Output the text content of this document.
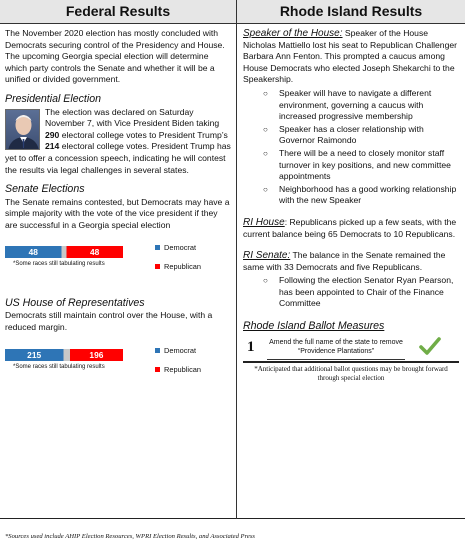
Federal Results	Rhode Island Results

The November 2020 election has mostly concluded with Democrats securing control of the Presidency and House. The upcoming Georgia special election will determine which party controls the Senate and whether it will be a unified or divided government.

Presidential Election

The election was declared on Saturday November 7, with Vice President Biden taking 290 electoral college votes to President Trump’s 214 electoral college votes. President Trump has yet to offer a concession speech, indicating he will contest the results via legal challenges in several states.

Senate Elections

The Senate remains contested, but Democrats may have a simple majority with the vote of the vice president if they are successful in a Georgia special election

48	48
*Some races still tabulating results
Democrat
Republican
US House of Representatives

Democrats still maintain control over the House, with a reduced margin.

215	196
*Some races still tabulating results
Democrat
Republican

Speaker of the House: Speaker of the House Nicholas Mattiello lost his seat to Republican Challenger Barbara Ann Fenton. This prompted a caucus among House Democrats who elected Joseph Shekarchi to the Speakership.

○ Speaker will have to navigate a different environment, governing a caucus with increased progressive membership
○ Speaker has a closer relationship with Governor Raimondo
○ There will be a need to closely monitor staff turnover in key positions, and new committee appointments
○ Neighborhood has a good working relationship with the new Speaker

RI House: Republicans picked up a few seats, with the current balance being 65 Democrats to 10 Republicans.

RI Senate: The balance in the Senate remained the same with 33 Democrats and five Republicans.

○ Following the election Senator Ryan Pearson, has been appointed to Chair of the Finance Committee
Rhode Island Ballot Measures
1 Amend the full name of the state to remove “Providence Plantations”
*Anticipated that additional ballot questions may be brought forward through special election
*Sources used include AHIP Election Resources, WPRI Election Results, and Associated Press
